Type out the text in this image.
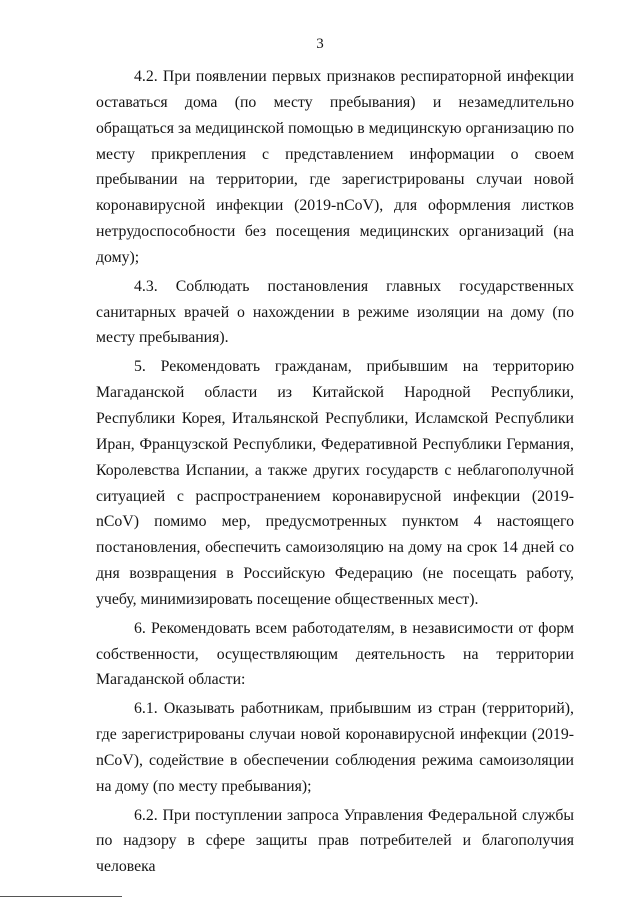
3

4.2. При появлении первых признаков респираторной инфекции оставаться дома (по месту пребывания) и незамедлительно обращаться за медицинской помощью в медицинскую организацию по месту прикрепления с представлением информации о своем пребывании на территории, где зарегистрированы случаи новой коронавирусной инфекции (2019-nCoV), для оформления листков нетрудоспособности без посещения медицинских организаций (на дому);

4.3. Соблюдать постановления главных государственных санитарных врачей о нахождении в режиме изоляции на дому (по месту пребывания).

5. Рекомендовать гражданам, прибывшим на территорию Магаданской области из Китайской Народной Республики, Республики Корея, Итальянской Республики, Исламской Республики Иран, Французской Республики, Федеративной Республики Германия, Королевства Испании, а также других государств с неблагополучной ситуацией с распространением коронавирусной инфекции (2019-nCoV) помимо мер, предусмотренных пунктом 4 настоящего постановления, обеспечить самоизоляцию на дому на срок 14 дней со дня возвращения в Российскую Федерацию (не посещать работу, учебу, минимизировать посещение общественных мест).

6. Рекомендовать всем работодателям, в независимости от форм собственности, осуществляющим деятельность на территории Магаданской области:

6.1. Оказывать работникам, прибывшим из стран (территорий), где зарегистрированы случаи новой коронавирусной инфекции (2019-nCoV), содействие в обеспечении соблюдения режима самоизоляции на дому (по месту пребывания);

6.2. При поступлении запроса Управления Федеральной службы по надзору в сфере защиты прав потребителей и благополучия человека
